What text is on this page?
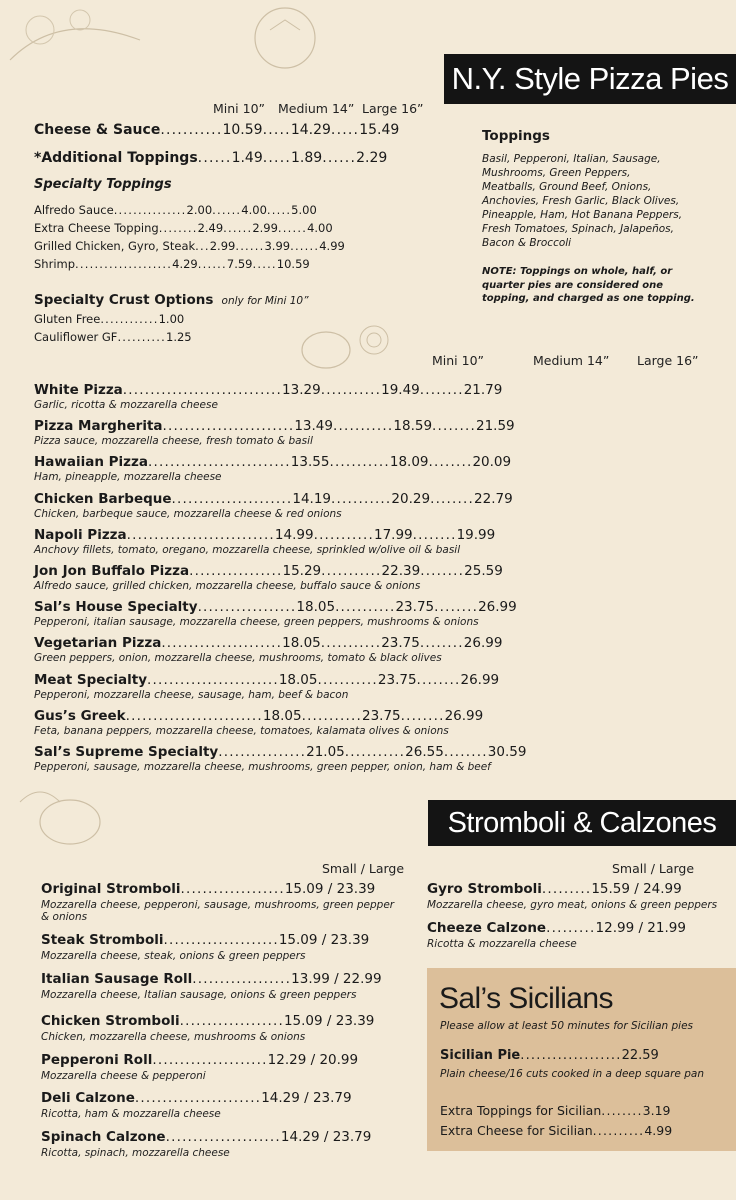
N.Y. Style Pizza Pies
Mini 10” Medium 14” Large 16”
Cheese & Sauce...........10.59.....14.29.....15.49
*Additional Toppings......1.49.....1.89......2.29
Specialty Toppings
Alfredo Sauce...............2.00......4.00.....5.00
Extra Cheese Topping........2.49......2.99......4.00
Grilled Chicken, Gyro, Steak...2.99......3.99......4.99
Shrimp....................4.29......7.59.....10.59
Specialty Crust Options only for Mini 10”
Gluten Free............1.00
Cauliflower GF..........1.25
Toppings
Basil, Pepperoni, Italian, Sausage,
Mushrooms, Green Peppers,
Meatballs, Ground Beef, Onions,
Anchovies, Fresh Garlic, Black Olives,
Pineapple, Ham, Hot Banana Peppers,
Fresh Tomatoes, Spinach, Jalapeños,
Bacon & Broccoli
NOTE: Toppings on whole, half, or
quarter pies are considered one
topping, and charged as one topping.
Mini 10”	Medium 14” Large 16”
White Pizza.............................13.29...........19.49........21.79
Garlic, ricotta & mozzarella cheese
Pizza Margherita........................13.49...........18.59........21.59
Pizza sauce, mozzarella cheese, fresh tomato & basil
Hawaiian Pizza..........................13.55...........18.09........20.09
Ham, pineapple, mozzarella cheese
Chicken Barbeque......................14.19...........20.29........22.79
Chicken, barbeque sauce, mozzarella cheese & red onions
Napoli Pizza...........................14.99...........17.99........19.99
Anchovy fillets, tomato, oregano, mozzarella cheese, sprinkled w/olive oil & basil
Jon Jon Buffalo Pizza.................15.29...........22.39........25.59
Alfredo sauce, grilled chicken, mozzarella cheese, buffalo sauce & onions
Sal’s House Specialty..................18.05...........23.75........26.99
Pepperoni, italian sausage, mozzarella cheese, green peppers, mushrooms & onions
Vegetarian Pizza......................18.05...........23.75........26.99
Green peppers, onion, mozzarella cheese, mushrooms, tomato & black olives
Meat Specialty........................18.05...........23.75........26.99
Pepperoni, mozzarella cheese, sausage, ham, beef & bacon
Gus’s Greek.........................18.05...........23.75........26.99
Feta, banana peppers, mozzarella cheese, tomatoes, kalamata olives & onions
Sal’s Supreme Specialty................21.05...........26.55........30.59
Pepperoni, sausage, mozzarella cheese, mushrooms, green pepper, onion, ham & beef
Stromboli & Calzones
Small / Large	Small / Large
Original Stromboli...................15.09 / 23.39
Mozzarella cheese, pepperoni, sausage, mushrooms, green pepper
& onions
Steak Stromboli.....................15.09 / 23.39
Mozzarella cheese, steak, onions & green peppers
Italian Sausage Roll..................13.99 / 22.99
Mozzarella cheese, Italian sausage, onions & green peppers
Chicken Stromboli...................15.09 / 23.39
Chicken, mozzarella cheese, mushrooms & onions
Pepperoni Roll.....................12.29 / 20.99
Mozzarella cheese & pepperoni
Deli Calzone.......................14.29 / 23.79
Ricotta, ham & mozzarella cheese
Spinach Calzone.....................14.29 / 23.79
Ricotta, spinach, mozzarella cheese
Gyro Stromboli.........15.59 / 24.99
Mozzarella cheese, gyro meat, onions & green peppers
Cheeze Calzone.........12.99 / 21.99
Ricotta & mozzarella cheese
Sal’s Sicilians
Please allow at least 50 minutes for Sicilian pies
Sicilian Pie...................22.59
Plain cheese/16 cuts cooked in a deep square pan
Extra Toppings for Sicilian........3.19
Extra Cheese for Sicilian..........4.99
